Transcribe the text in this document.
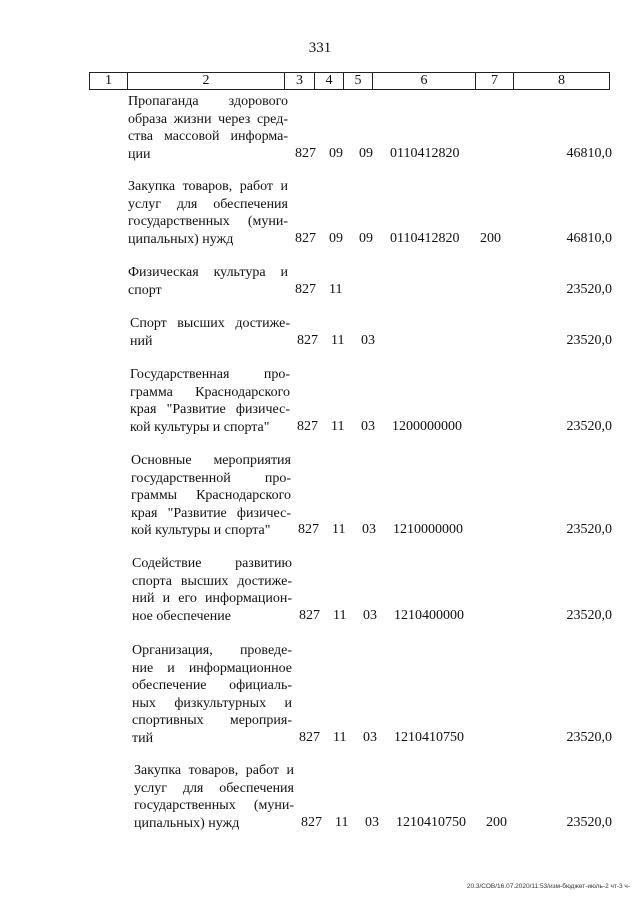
331
1	2	3	4	5	6	7	8
Пропаганда здорового
образа жизни через сред-
ства массовой информа-
ции	827 09 09 0110412820	46810,0
Закупка товаров, работ и
услуг для обеспечения
государственных (муни-
ципальных) нужд	827 09 09 0110412820 200	46810,0
Физическая культура и
спорт	827 11	23520,0
Спорт высших достиже-
ний	827 11 03	23520,0
Государственная про-
грамма Краснодарского
края "Развитие физичес-
кой культуры и спорта"	827 11 03 1200000000	23520,0
Основные мероприятия
государственной про-
граммы Краснодарского
края "Развитие физичес-
кой культуры и спорта"	827 11 03 1210000000	23520,0
Содействие развитию
спорта высших достиже-
ний и его информацион-
ное обеспечение	827 11 03 1210400000	23520,0
Организация, проведе-
ние и информационное
обеспечение официаль-
ных физкультурных и
спортивных мероприя-
тий	827 11 03 1210410750	23520,0
Закупка товаров, работ и
услуг для обеспечения
государственных (муни-
ципальных) нужд	827 11 03 1210410750 200	23520,0
20.3/СОВ/16.07.2020/11:53/изм-бюджет-июль-2 чт-3 ч-
